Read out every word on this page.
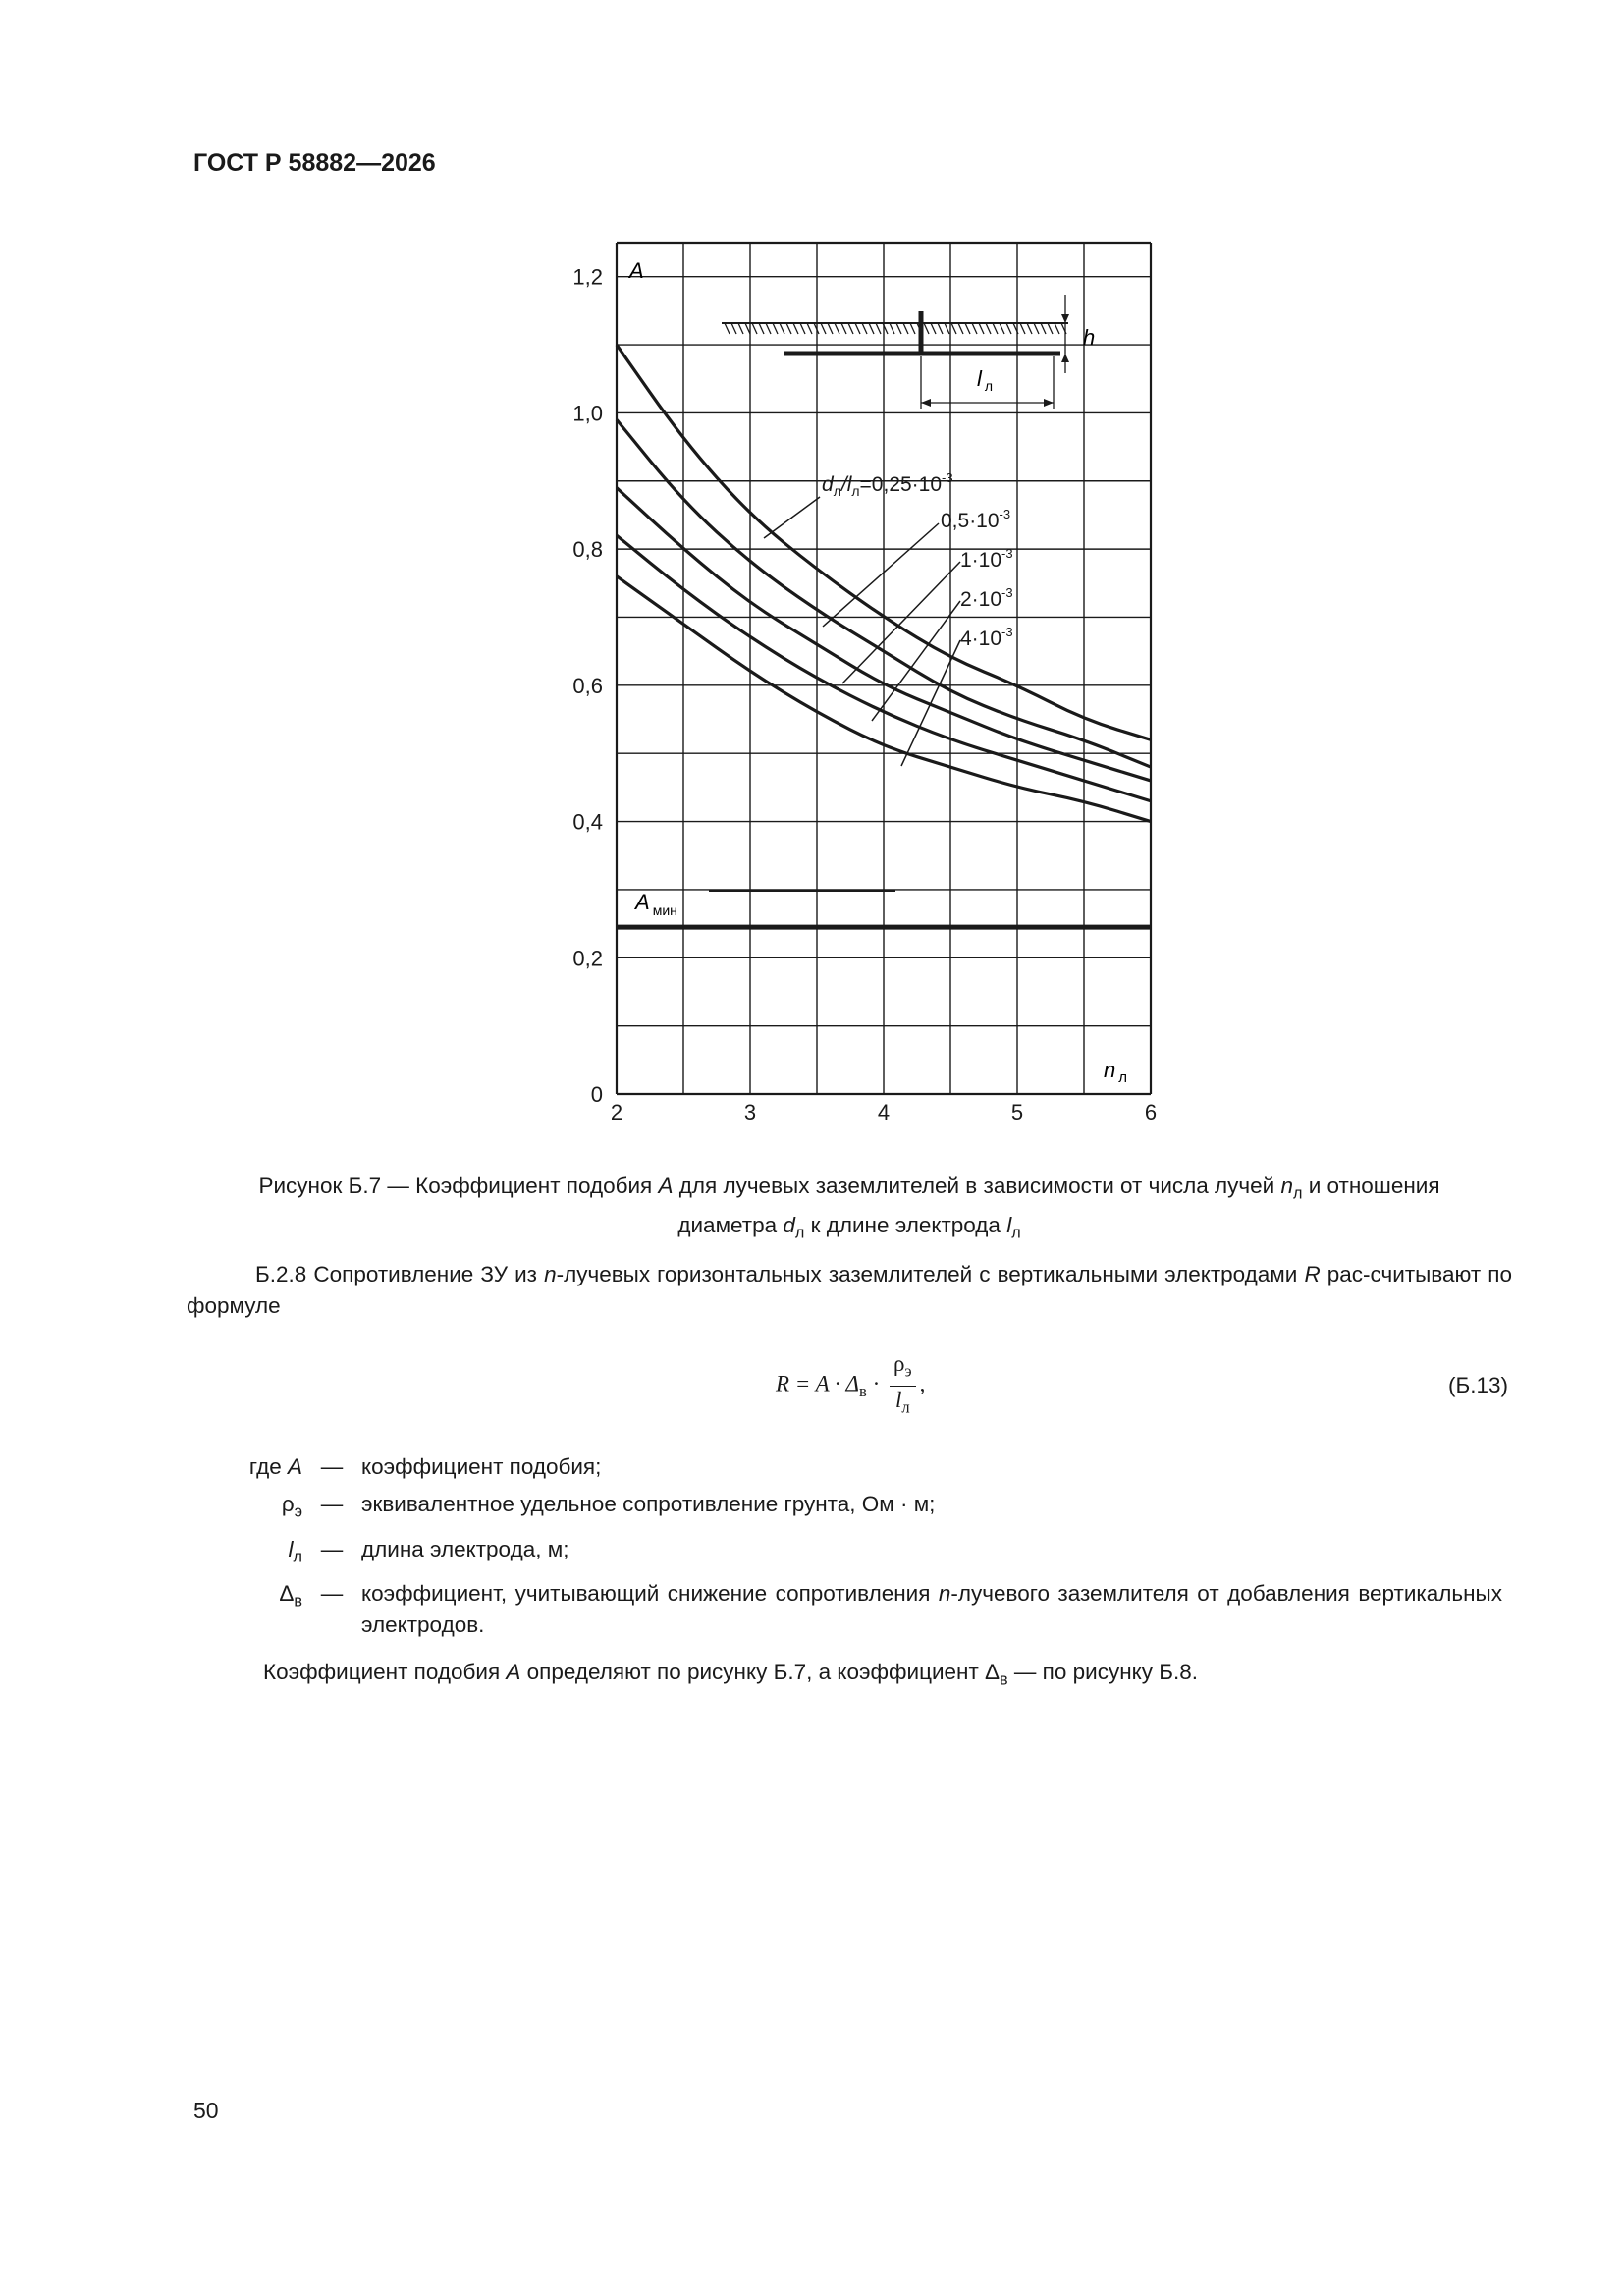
ГОСТ Р 58882—2026
1,2
1,0
0,8
0,6
0,4
0,2
0
2	3	4	5	6
A
n $_л$
A $_{мин}$
h
l $_л$
$d_л/l_л=0,25\cdot 10^{-3}$
$0,5\cdot 10^{-3}$
$1\cdot 10^{-3}$
$2\cdot 10^{-3}$
$4\cdot 10^{-3}$
Рисунок Б.7 — Коэффициент подобия A для лучевых заземлителей в зависимости от числа лучей $n_л$ и отношения
диаметра $d_л$ к длине электрода $l_л$
Б.2.8 Сопротивление ЗУ из n-лучевых горизонтальных заземлителей с вертикальными электродами R рас-считывают по формуле
$R = A \cdot \Delta_в \cdot \frac{\rho_э}{l_л}$ ,	(Б.13)
где A — коэффициент подобия;
$\rho_э$ — эквивалентное удельное сопротивление грунта, Ом · м;
$l_л$ — длина электрода, м;
$\Delta_в$ — коэффициент, учитывающий снижение сопротивления n-лучевого заземлителя от добавления вертикальных электродов.
Коэффициент подобия A определяют по рисунку Б.7, а коэффициент $\Delta_в$ — по рисунку Б.8.
50
